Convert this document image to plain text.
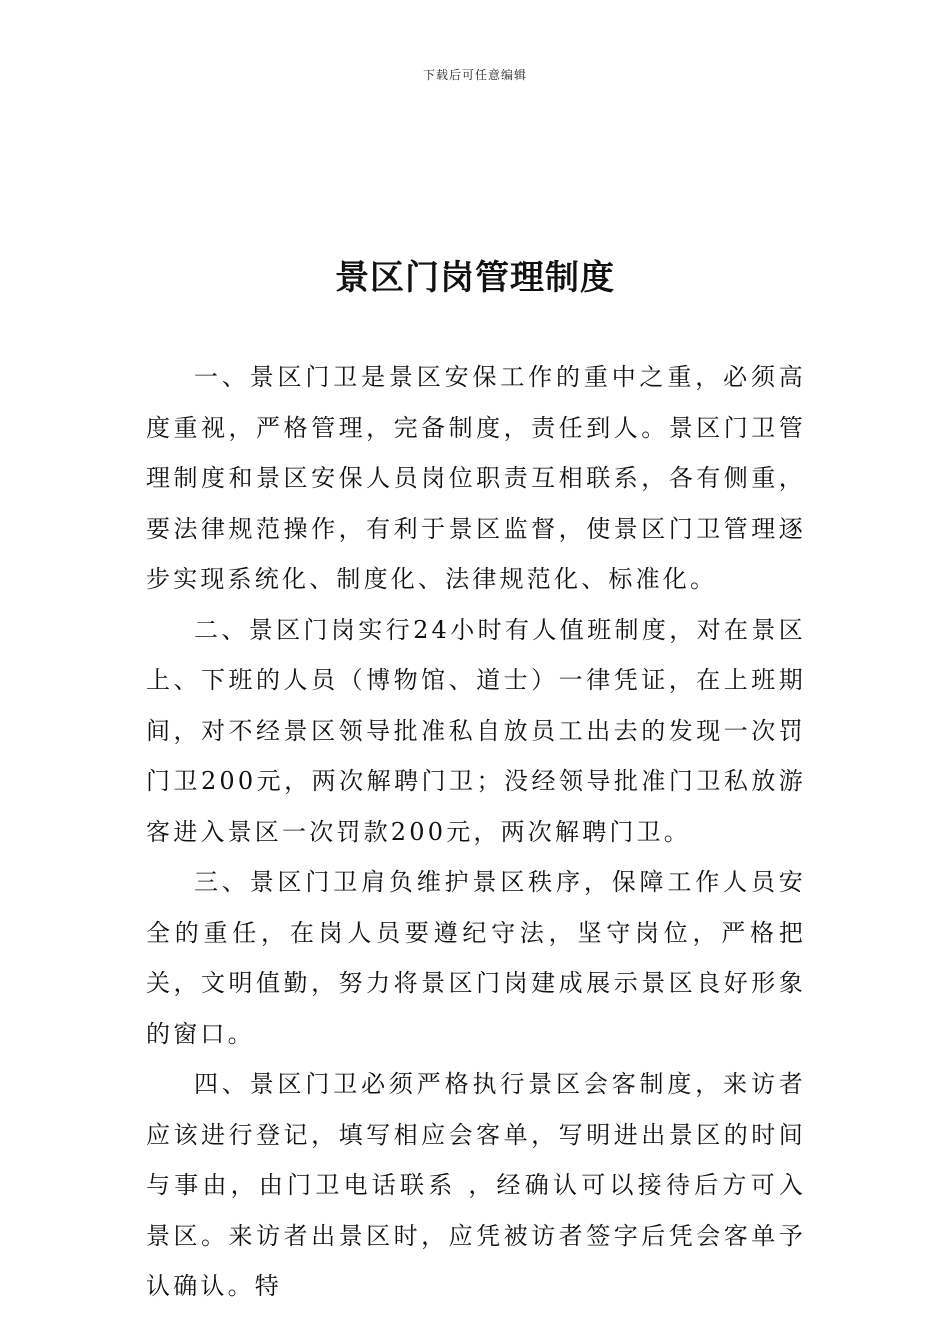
下载后可任意编辑
景区门岗管理制度

一、景区门卫是景区安保工作的重中之重，必须高度重视，严格管理，完备制度，责任到人。景区门卫管理制度和景区安保人员岗位职责互相联系，各有侧重，要法律规范操作，有利于景区监督，使景区门卫管理逐步实现系统化、制度化、法律规范化、标准化。

二、景区门岗实行24小时有人值班制度，对在景区上、下班的人员（博物馆、道士）一律凭证，在上班期间，对不经景区领导批准私自放员工出去的发现一次罚门卫200元，两次解聘门卫；没经领导批准门卫私放游客进入景区一次罚款200元，两次解聘门卫。

三、景区门卫肩负维护景区秩序，保障工作人员安全的重任，在岗人员要遵纪守法，坚守岗位，严格把关，文明值勤，努力将景区门岗建成展示景区良好形象的窗口。

四、景区门卫必须严格执行景区会客制度，来访者应该进行登记，填写相应会客单，写明进出景区的时间与事由，由门卫电话联系 ，经确认可以接待后方可入景区。来访者出景区时，应凭被访者签字后凭会客单予认确认。特
